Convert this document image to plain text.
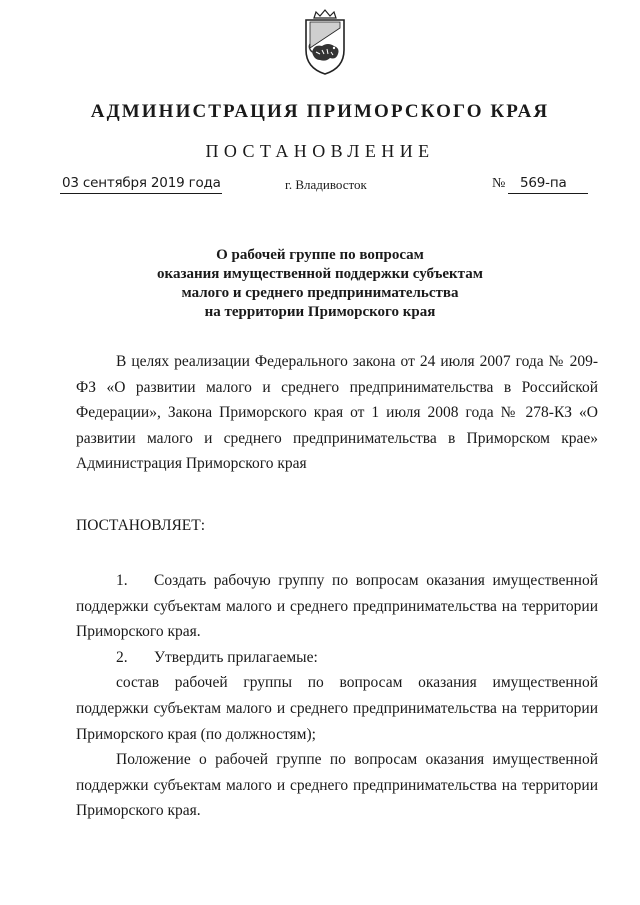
АДМИНИСТРАЦИЯ ПРИМОРСКОГО КРАЯ
ПОСТАНОВЛЕНИЕ
03 сентября 2019 года	г. Владивосток	№ 569-па
О рабочей группе по вопросам
оказания имущественной поддержки субъектам
малого и среднего предпринимательства
на территории Приморского края

В целях реализации Федерального закона от 24 июля 2007 года № 209-ФЗ «О развитии малого и среднего предпринимательства в Российской Федерации», Закона Приморского края от 1 июля 2008 года № 278-КЗ «О развитии малого и среднего предпринимательства в Приморском крае» Администрация Приморского края

ПОСТАНОВЛЯЕТ:

1. Создать рабочую группу по вопросам оказания имущественной поддержки субъектам малого и среднего предпринимательства на территории Приморского края.

2. Утвердить прилагаемые:

состав рабочей группы по вопросам оказания имущественной поддержки субъектам малого и среднего предпринимательства на территории Приморского края (по должностям);

Положение о рабочей группе по вопросам оказания имущественной поддержки субъектам малого и среднего предпринимательства на территории Приморского края.
